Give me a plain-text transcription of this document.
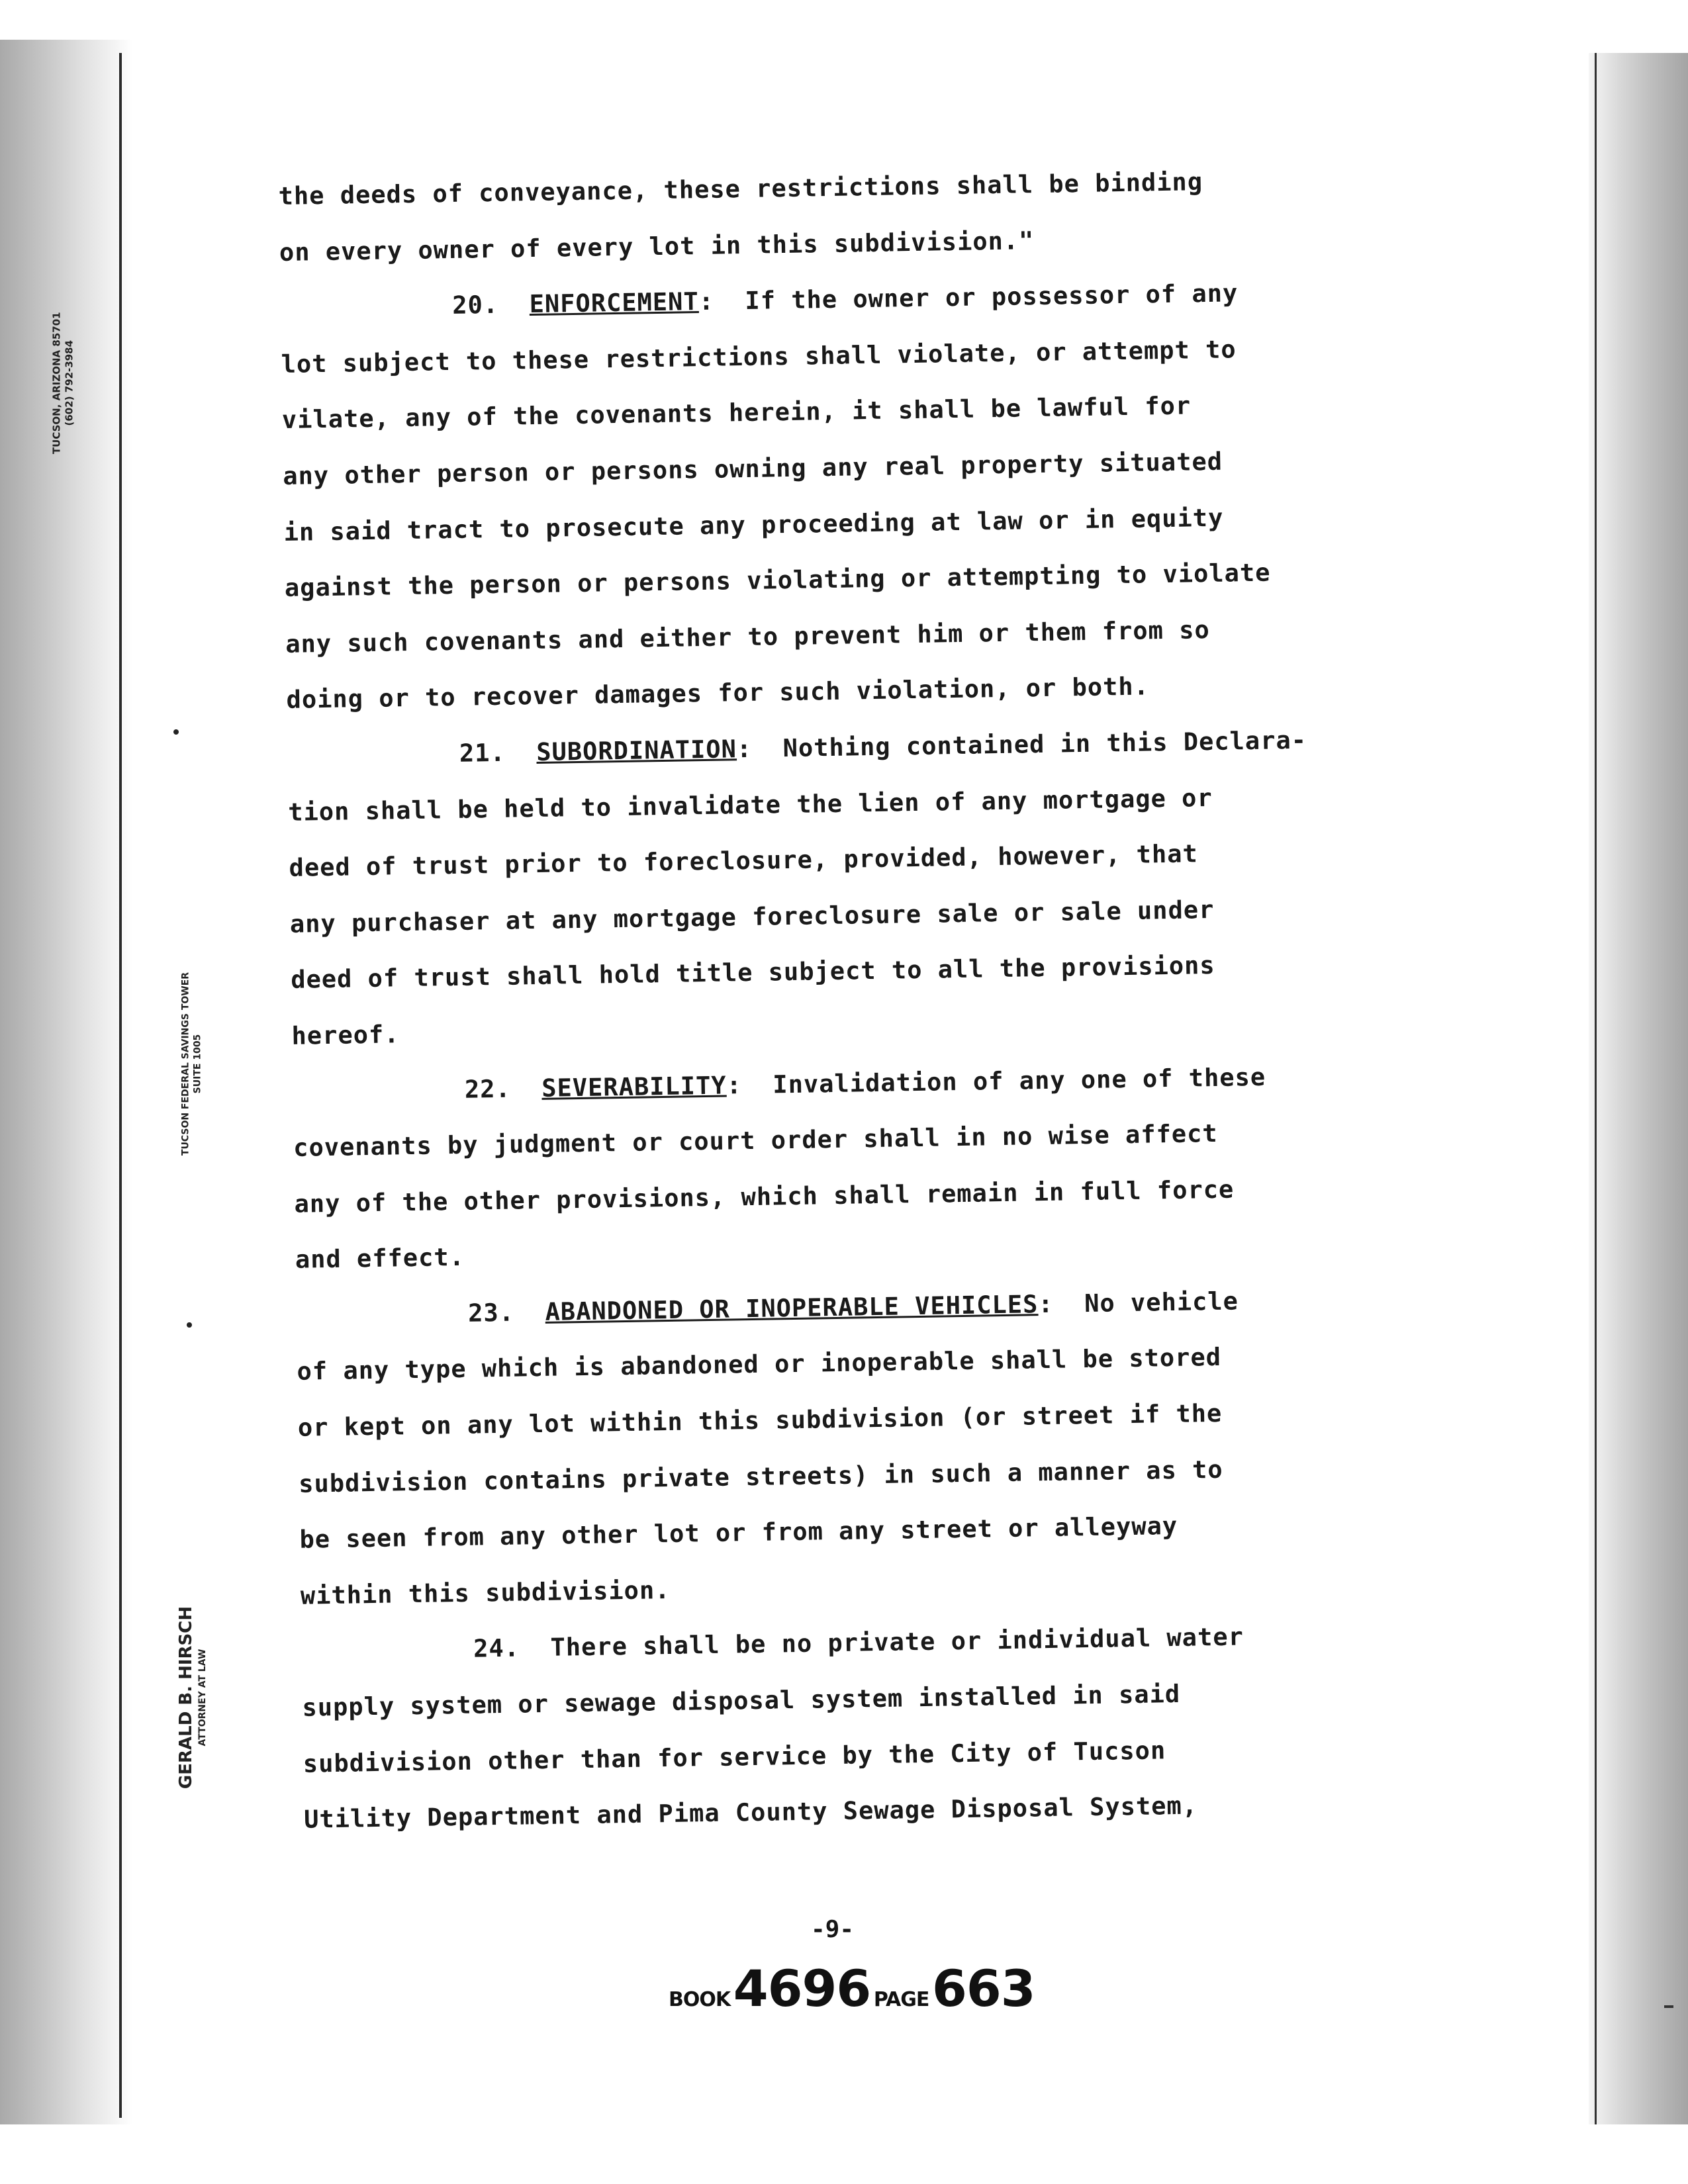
TUCSON, ARIZONA 85701 (602) 792-3984
TUCSON FEDERAL SAVINGS TOWER SUITE 1005
GERALD B. HIRSCH ATTORNEY AT LAW
the deeds of conveyance, these restrictions shall be binding
on every owner of every lot in this subdivision."
20. ENFORCEMENT:  If the owner or possessor of any
lot subject to these restrictions shall violate, or attempt to
vilate, any of the covenants herein, it shall be lawful for
any other person or persons owning any real property situated
in said tract to prosecute any proceeding at law or in equity
against the person or persons violating or attempting to violate
any such covenants and either to prevent him or them from so
doing or to recover damages for such violation, or both.
21. SUBORDINATION:  Nothing contained in this Declara-
tion shall be held to invalidate the lien of any mortgage or
deed of trust prior to foreclosure, provided, however, that
any purchaser at any mortgage foreclosure sale or sale under
deed of trust shall hold title subject to all the provisions
hereof.
22. SEVERABILITY:  Invalidation of any one of these
covenants by judgment or court order shall in no wise affect
any of the other provisions, which shall remain in full force
and effect.
23. ABANDONED OR INOPERABLE VEHICLES:  No vehicle
of any type which is abandoned or inoperable shall be stored
or kept on any lot within this subdivision (or street if the
subdivision contains private streets) in such a manner as to
be seen from any other lot or from any street or alleyway
within this subdivision.
24. There shall be no private or individual water
supply system or sewage disposal system installed in said
subdivision other than for service by the City of Tucson
Utility Department and Pima County Sewage Disposal System,
-9-
BOOK 4696 PAGE 663
